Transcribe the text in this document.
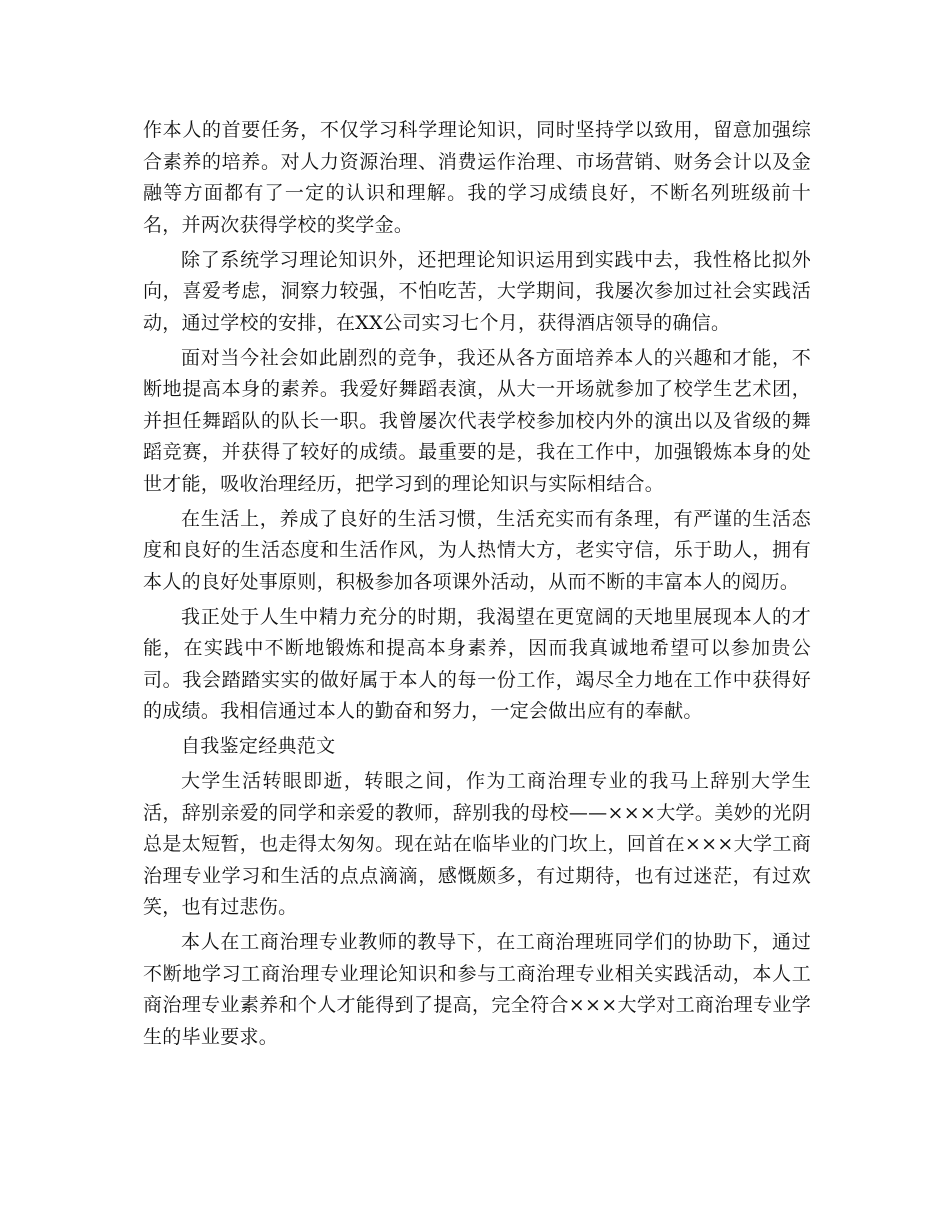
作本人的首要任务，不仅学习科学理论知识，同时坚持学以致用，留意加强综合素养的培养。对人力资源治理、消费运作治理、市场营销、财务会计以及金融等方面都有了一定的认识和理解。我的学习成绩良好，不断名列班级前十名，并两次获得学校的奖学金。

除了系统学习理论知识外，还把理论知识运用到实践中去，我性格比拟外向，喜爱考虑，洞察力较强，不怕吃苦，大学期间，我屡次参加过社会实践活动，通过学校的安排，在XX公司实习七个月，获得酒店领导的确信。

面对当今社会如此剧烈的竞争，我还从各方面培养本人的兴趣和才能，不断地提高本身的素养。我爱好舞蹈表演，从大一开场就参加了校学生艺术团，并担任舞蹈队的队长一职。我曾屡次代表学校参加校内外的演出以及省级的舞蹈竞赛，并获得了较好的成绩。最重要的是，我在工作中，加强锻炼本身的处世才能，吸收治理经历，把学习到的理论知识与实际相结合。

在生活上，养成了良好的生活习惯，生活充实而有条理，有严谨的生活态度和良好的生活态度和生活作风，为人热情大方，老实守信，乐于助人，拥有本人的良好处事原则，积极参加各项课外活动，从而不断的丰富本人的阅历。

我正处于人生中精力充分的时期，我渴望在更宽阔的天地里展现本人的才能，在实践中不断地锻炼和提高本身素养，因而我真诚地希望可以参加贵公司。我会踏踏实实的做好属于本人的每一份工作，竭尽全力地在工作中获得好的成绩。我相信通过本人的勤奋和努力，一定会做出应有的奉献。

自我鉴定经典范文

大学生活转眼即逝，转眼之间，作为工商治理专业的我马上辞别大学生活，辞别亲爱的同学和亲爱的教师，辞别我的母校——×××大学。美妙的光阴总是太短暂，也走得太匆匆。现在站在临毕业的门坎上，回首在×××大学工商治理专业学习和生活的点点滴滴，感慨颇多，有过期待，也有过迷茫，有过欢笑，也有过悲伤。

本人在工商治理专业教师的教导下，在工商治理班同学们的协助下，通过不断地学习工商治理专业理论知识和参与工商治理专业相关实践活动，本人工商治理专业素养和个人才能得到了提高，完全符合×××大学对工商治理专业学生的毕业要求。
